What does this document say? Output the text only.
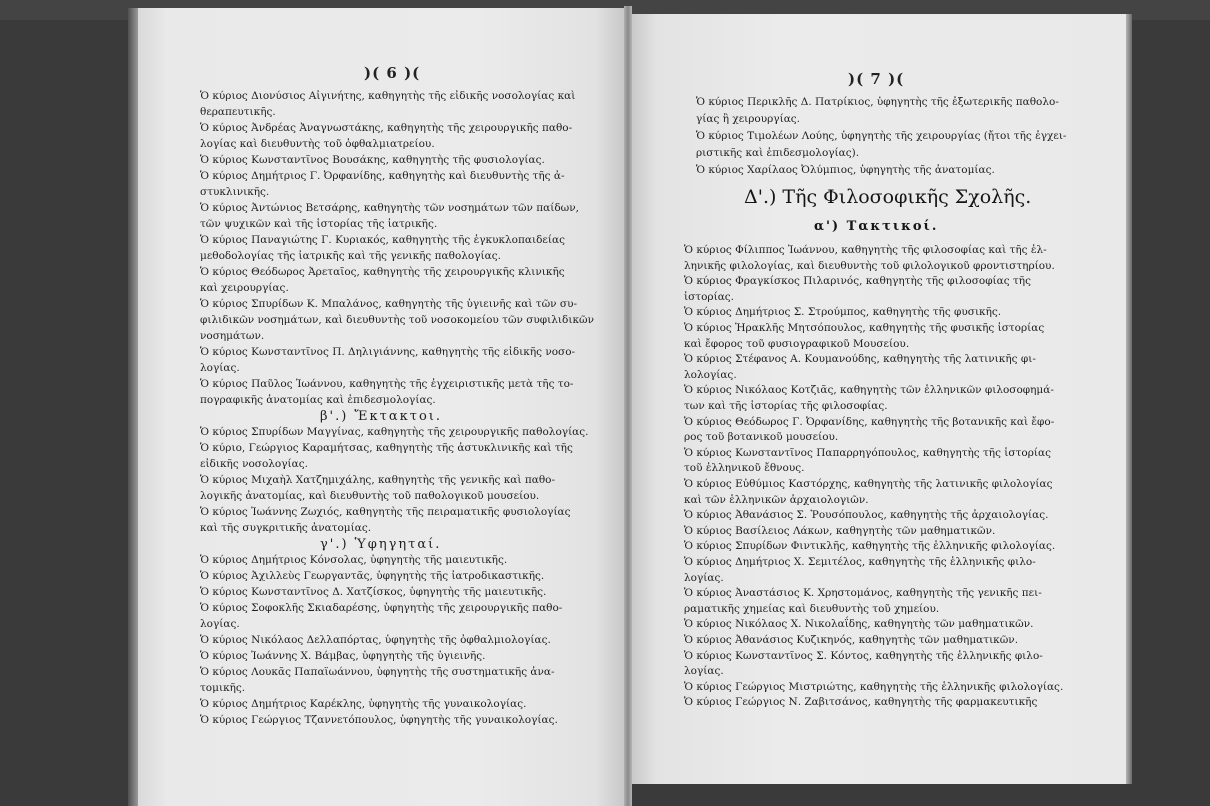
)( 6 )(
Ὁ κύριος Διονύσιος Αἰγινήτης, καθηγητὴς τῆς εἰδικῆς νοσολογίας καὶ
θεραπευτικῆς.
Ὁ κύριος Ἀνδρέας Ἀναγνωστάκης, καθηγητὴς τῆς χειρουργικῆς παθο-
λογίας καὶ διευθυντὴς τοῦ ὀφθαλμιατρείου.
Ὁ κύριος Κωνσταντῖνος Βουσάκης, καθηγητὴς τῆς φυσιολογίας.
Ὁ κύριος Δημήτριος Γ. Ὀρφανίδης, καθηγητὴς καὶ διευθυντὴς τῆς ἀ-
στυκλινικῆς.
Ὁ κύριος Ἀντώνιος Βετσάρης, καθηγητὴς τῶν νοσημάτων τῶν παίδων,
τῶν ψυχικῶν καὶ τῆς ἱστορίας τῆς ἰατρικῆς.
Ὁ κύριος Παναγιώτης Γ. Κυριακός, καθηγητὴς τῆς ἐγκυκλοπαιδείας
μεθοδολογίας τῆς ἰατρικῆς καὶ τῆς γενικῆς παθολογίας.
Ὁ κύριος Θεόδωρος Ἀρεταῖος, καθηγητὴς τῆς χειρουργικῆς κλινικῆς
καὶ χειρουργίας.
Ὁ κύριος Σπυρίδων Κ. Μπαλάνος, καθηγητὴς τῆς ὑγιεινῆς καὶ τῶν συ-
φιλιδικῶν νοσημάτων, καὶ διευθυντὴς τοῦ νοσοκομείου τῶν συφιλιδικῶν
νοσημάτων.
Ὁ κύριος Κωνσταντῖνος Π. Δηλιγιάννης, καθηγητὴς τῆς εἰδικῆς νοσο-
λογίας.
Ὁ κύριος Παῦλος Ἰωάννου, καθηγητὴς τῆς ἐγχειριστικῆς μετὰ τῆς το-
πογραφικῆς ἀνατομίας καὶ ἐπιδεσμολογίας.
β'.) Ἔκτακτοι.
Ὁ κύριος Σπυρίδων Μαγγίνας, καθηγητὴς τῆς χειρουργικῆς παθολογίας.
Ὁ κύριο, Γεώργιος Καραμήτσας, καθηγητὴς τῆς ἀστυκλινικῆς καὶ τῆς
εἰδικῆς νοσολογίας.
Ὁ κύριος Μιχαὴλ Χατζημιχάλης, καθηγητὴς τῆς γενικῆς καὶ παθο-
λογικῆς ἀνατομίας, καὶ διευθυντὴς τοῦ παθολογικοῦ μουσείου.
Ὁ κύριος Ἰωάννης Ζωχιός, καθηγητὴς τῆς πειραματικῆς φυσιολογίας
καὶ τῆς συγκριτικῆς ἀνατομίας.
γ'.) Ὑφηγηταί.
Ὁ κύριος Δημήτριος Κόνσολας, ὑφηγητὴς τῆς μαιευτικῆς.
Ὁ κύριος Ἀχιλλεὺς Γεωργαντᾶς, ὑφηγητὴς τῆς ἰατροδικαστικῆς.
Ὁ κύριος Κωνσταντῖνος Δ. Χατζίσκος, ὑφηγητὴς τῆς μαιευτικῆς.
Ὁ κύριος Σοφοκλῆς Σκιαδαρέσης, ὑφηγητὴς τῆς χειρουργικῆς παθο-
λογίας.
Ὁ κύριος Νικόλαος Δελλαπόρτας, ὑφηγητὴς τῆς ὀφθαλμιολογίας.
Ὁ κύριος Ἰωάννης Χ. Βάμβας, ὑφηγητὴς τῆς ὑγιεινῆς.
Ὁ κύριος Λουκᾶς Παπαϊωάννου, ὑφηγητὴς τῆς συστηματικῆς ἀνα-
τομικῆς.
Ὁ κύριος Δημήτριος Καρέκλης, ὑφηγητὴς τῆς γυναικολογίας.
Ὁ κύριος Γεώργιος Τζαννετόπουλος, ὑφηγητὴς τῆς γυναικολογίας.
)( 7 )(
Ὁ κύριος Περικλῆς Δ. Πατρίκιος, ὑφηγητὴς τῆς ἐξωτερικῆς παθολο-
γίας ἢ χειρουργίας.
Ὁ κύριος Τιμολέων Λούης, ὑφηγητὴς τῆς χειρουργίας (ἤτοι τῆς ἐγχει-
ριστικῆς καὶ ἐπιδεσμολογίας).
Ὁ κύριος Χαρίλαος Ὀλύμπιος, ὑφηγητὴς τῆς ἀνατομίας.
Δ'.) Τῆς Φιλοσοφικῆς Σχολῆς.
α') Τακτικοί.
Ὁ κύριος Φίλιππος Ἰωάννου, καθηγητὴς τῆς φιλοσοφίας καὶ τῆς ἑλ-
ληνικῆς φιλολογίας, καὶ διευθυντὴς τοῦ φιλολογικοῦ φροντιστηρίου.
Ὁ κύριος Φραγκίσκος Πιλαρινός, καθηγητὴς τῆς φιλοσοφίας τῆς
ἱστορίας.
Ὁ κύριος Δημήτριος Σ. Στρούμπος, καθηγητὴς τῆς φυσικῆς.
Ὁ κύριος Ἡρακλῆς Μητσόπουλος, καθηγητὴς τῆς φυσικῆς ἱστορίας
καὶ ἔφορος τοῦ φυσιογραφικοῦ Μουσείου.
Ὁ κύριος Στέφανος Α. Κουμανούδης, καθηγητὴς τῆς λατινικῆς φι-
λολογίας.
Ὁ κύριος Νικόλαος Κοτζιᾶς, καθηγητὴς τῶν ἑλληνικῶν φιλοσοφημά-
των καὶ τῆς ἱστορίας τῆς φιλοσοφίας.
Ὁ κύριος Θεόδωρος Γ. Ὀρφανίδης, καθηγητὴς τῆς βοτανικῆς καὶ ἔφο-
ρος τοῦ βοτανικοῦ μουσείου.
Ὁ κύριος Κωνσταντῖνος Παπαρρηγόπουλος, καθηγητὴς τῆς ἱστορίας
τοῦ ἑλληνικοῦ ἔθνους.
Ὁ κύριος Εὐθύμιος Καστόρχης, καθηγητὴς τῆς λατινικῆς φιλολογίας
καὶ τῶν ἑλληνικῶν ἀρχαιολογιῶν.
Ὁ κύριος Ἀθανάσιος Σ. Ῥουσόπουλος, καθηγητὴς τῆς ἀρχαιολογίας.
Ὁ κύριος Βασίλειος Λάκων, καθηγητὴς τῶν μαθηματικῶν.
Ὁ κύριος Σπυρίδων Φιντικλῆς, καθηγητὴς τῆς ἑλληνικῆς φιλολογίας.
Ὁ κύριος Δημήτριος Χ. Σεμιτέλος, καθηγητὴς τῆς ἑλληνικῆς φιλο-
λογίας.
Ὁ κύριος Ἀναστάσιος Κ. Χρηστομάνος, καθηγητὴς τῆς γενικῆς πει-
ραματικῆς χημείας καὶ διευθυντὴς τοῦ χημείου.
Ὁ κύριος Νικόλαος Χ. Νικολαΐδης, καθηγητὴς τῶν μαθηματικῶν.
Ὁ κύριος Ἀθανάσιος Κυζικηνός, καθηγητὴς τῶν μαθηματικῶν.
Ὁ κύριος Κωνσταντῖνος Σ. Κόντος, καθηγητὴς τῆς ἑλληνικῆς φιλο-
λογίας.
Ὁ κύριος Γεώργιος Μιστριώτης, καθηγητὴς τῆς ἑλληνικῆς φιλολογίας.
Ὁ κύριος Γεώργιος Ν. Ζαβιτσάνος, καθηγητὴς τῆς φαρμακευτικῆς
